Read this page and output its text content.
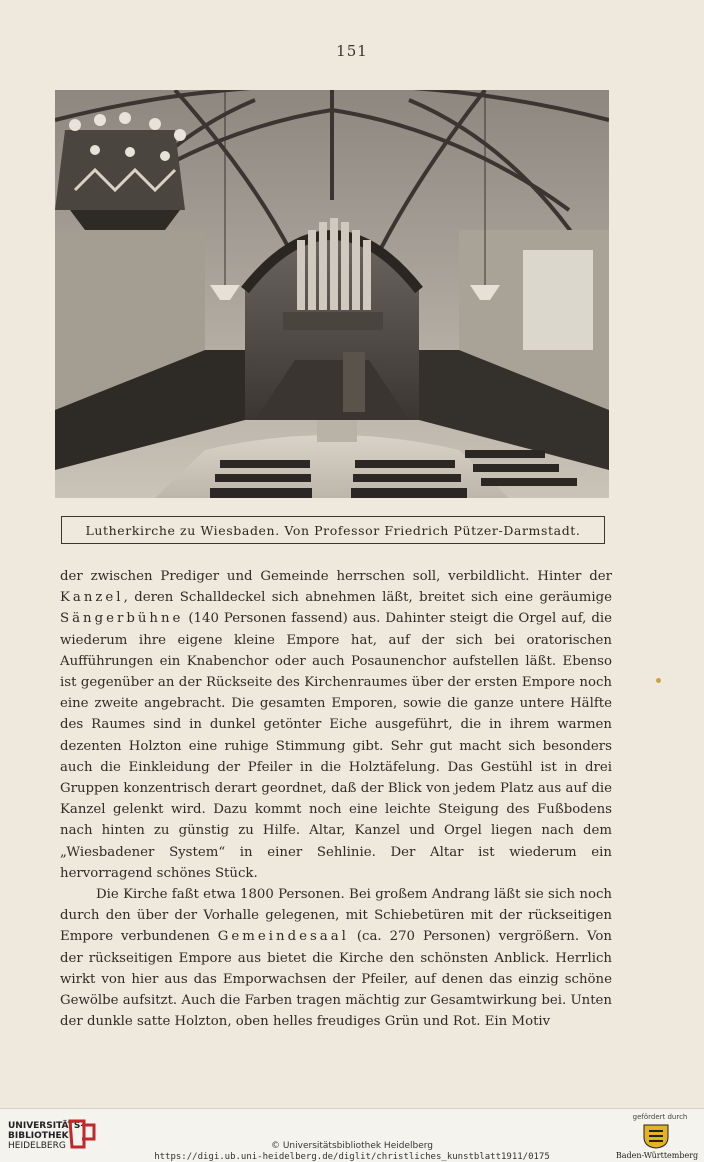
151
Lutherkirche zu Wiesbaden. Von Professor Friedrich Pützer-Darmstadt.

der zwischen Prediger und Gemeinde herrschen soll, verbildlicht. Hinter der Kanzel, deren Schalldeckel sich abnehmen läßt, breitet sich eine geräumige Sängerbühne (140 Personen fassend) aus. Dahinter steigt die Orgel auf, die wiederum ihre eigene kleine Empore hat, auf der sich bei oratorischen Aufführungen ein Knabenchor oder auch Posaunenchor aufstellen läßt. Ebenso ist gegenüber an der Rückseite des Kirchenraumes über der ersten Empore noch eine zweite angebracht. Die gesamten Emporen, sowie die ganze untere Hälfte des Raumes sind in dunkel getönter Eiche ausgeführt, die in ihrem warmen dezenten Holzton eine ruhige Stimmung gibt. Sehr gut macht sich besonders auch die Einkleidung der Pfeiler in die Holztäfelung. Das Gestühl ist in drei Gruppen konzentrisch derart geordnet, daß der Blick von jedem Platz aus auf die Kanzel gelenkt wird. Dazu kommt noch eine leichte Steigung des Fußbodens nach hinten zu günstig zu Hilfe. Altar, Kanzel und Orgel liegen nach dem „Wiesbadener System“ in einer Sehlinie. Der Altar ist wiederum ein hervorragend schönes Stück.

Die Kirche faßt etwa 1800 Personen. Bei großem Andrang läßt sie sich noch durch den über der Vorhalle gelegenen, mit Schiebetüren mit der rückseitigen Empore verbundenen Gemeindesaal (ca. 270 Personen) vergrößern. Von der rückseitigen Empore aus bietet die Kirche den schönsten Anblick. Herrlich wirkt von hier aus das Emporwachsen der Pfeiler, auf denen das einzig schöne Gewölbe aufsitzt. Auch die Farben tragen mächtig zur Gesamtwirkung bei. Unten der dunkle satte Holzton, oben helles freudiges Grün und Rot. Ein Motiv

UNIVERSITÄTS-
BIBLIOTHEK
HEIDELBERG	© Universitätsbibliothek Heidelberg
https://digi.ub.uni-heidelberg.de/diglit/christliches_kunstblatt1911/0175
gefördert durch
Baden-Württemberg
